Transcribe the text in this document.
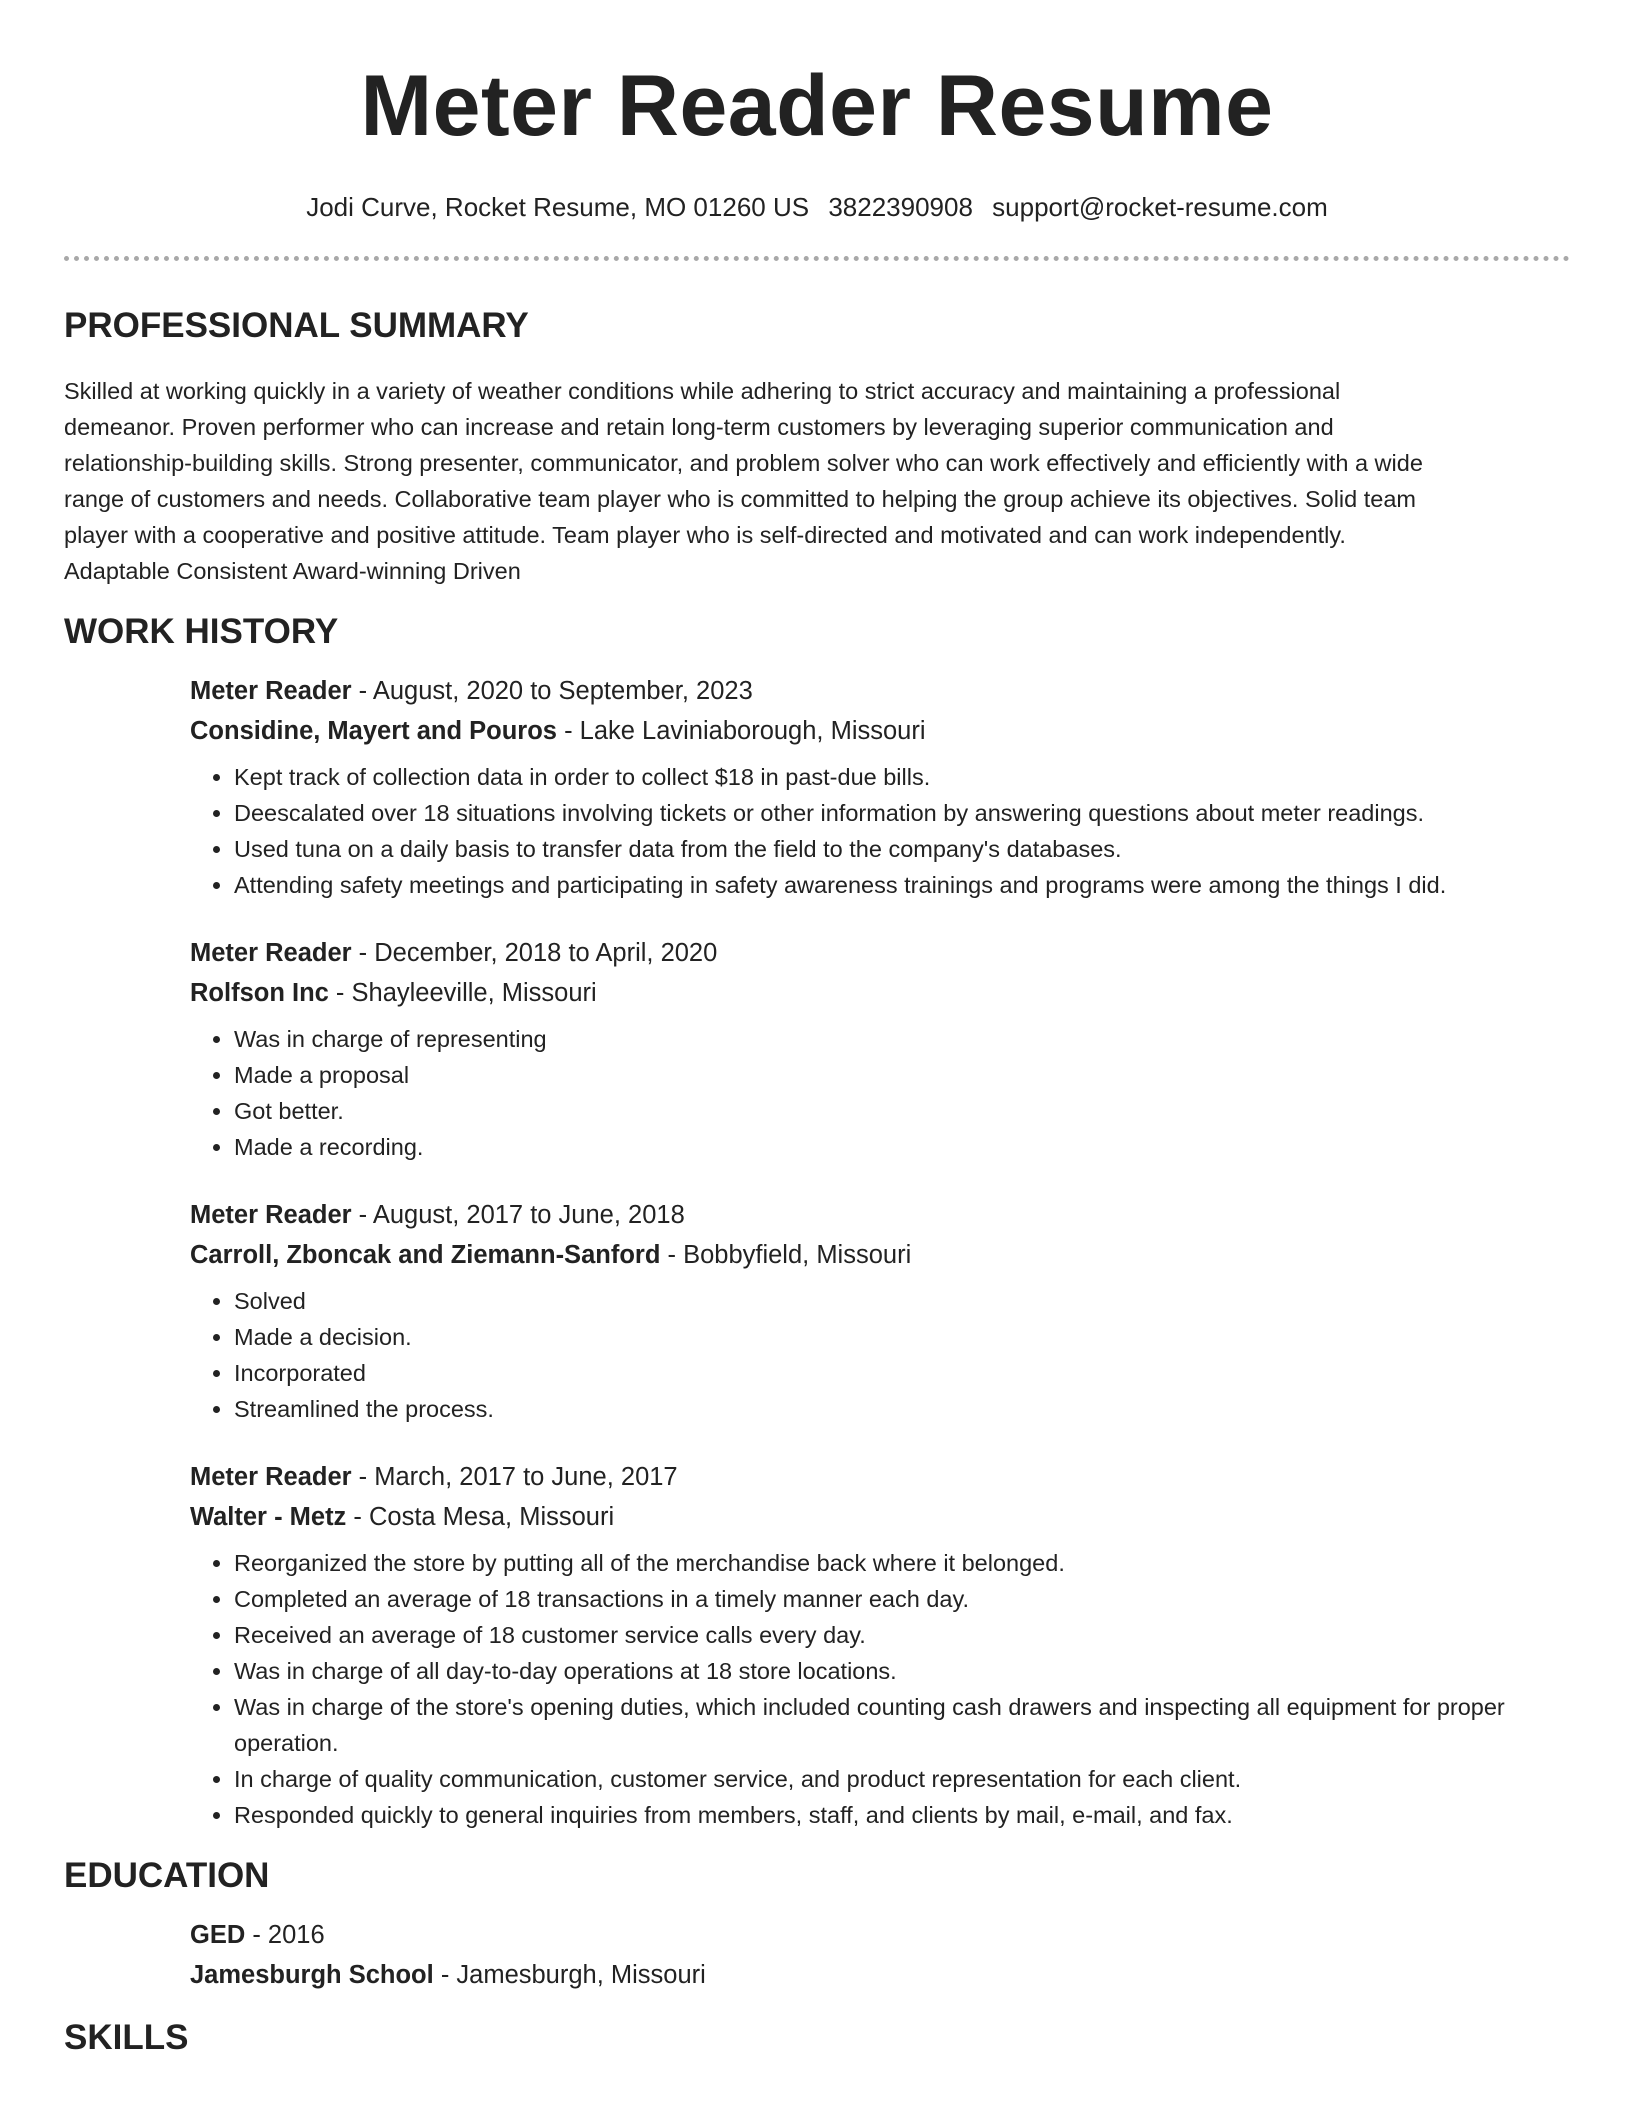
Meter Reader Resume
Jodi Curve, Rocket Resume, MO 01260 US 3822390908 support@rocket-resume.com
PROFESSIONAL SUMMARY

Skilled at working quickly in a variety of weather conditions while adhering to strict accuracy and maintaining a professional demeanor. Proven performer who can increase and retain long-term customers by leveraging superior communication and relationship-building skills. Strong presenter, communicator, and problem solver who can work effectively and efficiently with a wide range of customers and needs. Collaborative team player who is committed to helping the group achieve its objectives. Solid team player with a cooperative and positive attitude. Team player who is self-directed and motivated and can work independently. Adaptable Consistent Award-winning Driven

WORK HISTORY

Meter Reader - August, 2020 to September, 2023

Considine, Mayert and Pouros - Lake Laviniaborough, Missouri

• Kept track of collection data in order to collect $18 in past-due bills.
• Deescalated over 18 situations involving tickets or other information by answering questions about meter readings.
• Used tuna on a daily basis to transfer data from the field to the company's databases.
• Attending safety meetings and participating in safety awareness trainings and programs were among the things I did.

Meter Reader - December, 2018 to April, 2020

Rolfson Inc - Shayleeville, Missouri

• Was in charge of representing
• Made a proposal
• Got better.
• Made a recording.

Meter Reader - August, 2017 to June, 2018

Carroll, Zboncak and Ziemann-Sanford - Bobbyfield, Missouri

• Solved
• Made a decision.
• Incorporated
• Streamlined the process.

Meter Reader - March, 2017 to June, 2017

Walter - Metz - Costa Mesa, Missouri

• Reorganized the store by putting all of the merchandise back where it belonged.
• Completed an average of 18 transactions in a timely manner each day.
• Received an average of 18 customer service calls every day.
• Was in charge of all day-to-day operations at 18 store locations.
• Was in charge of the store's opening duties, which included counting cash drawers and inspecting all equipment for proper operation.
• In charge of quality communication, customer service, and product representation for each client.
• Responded quickly to general inquiries from members, staff, and clients by mail, e-mail, and fax.
EDUCATION

GED - 2016

Jamesburgh School - Jamesburgh, Missouri

SKILLS
